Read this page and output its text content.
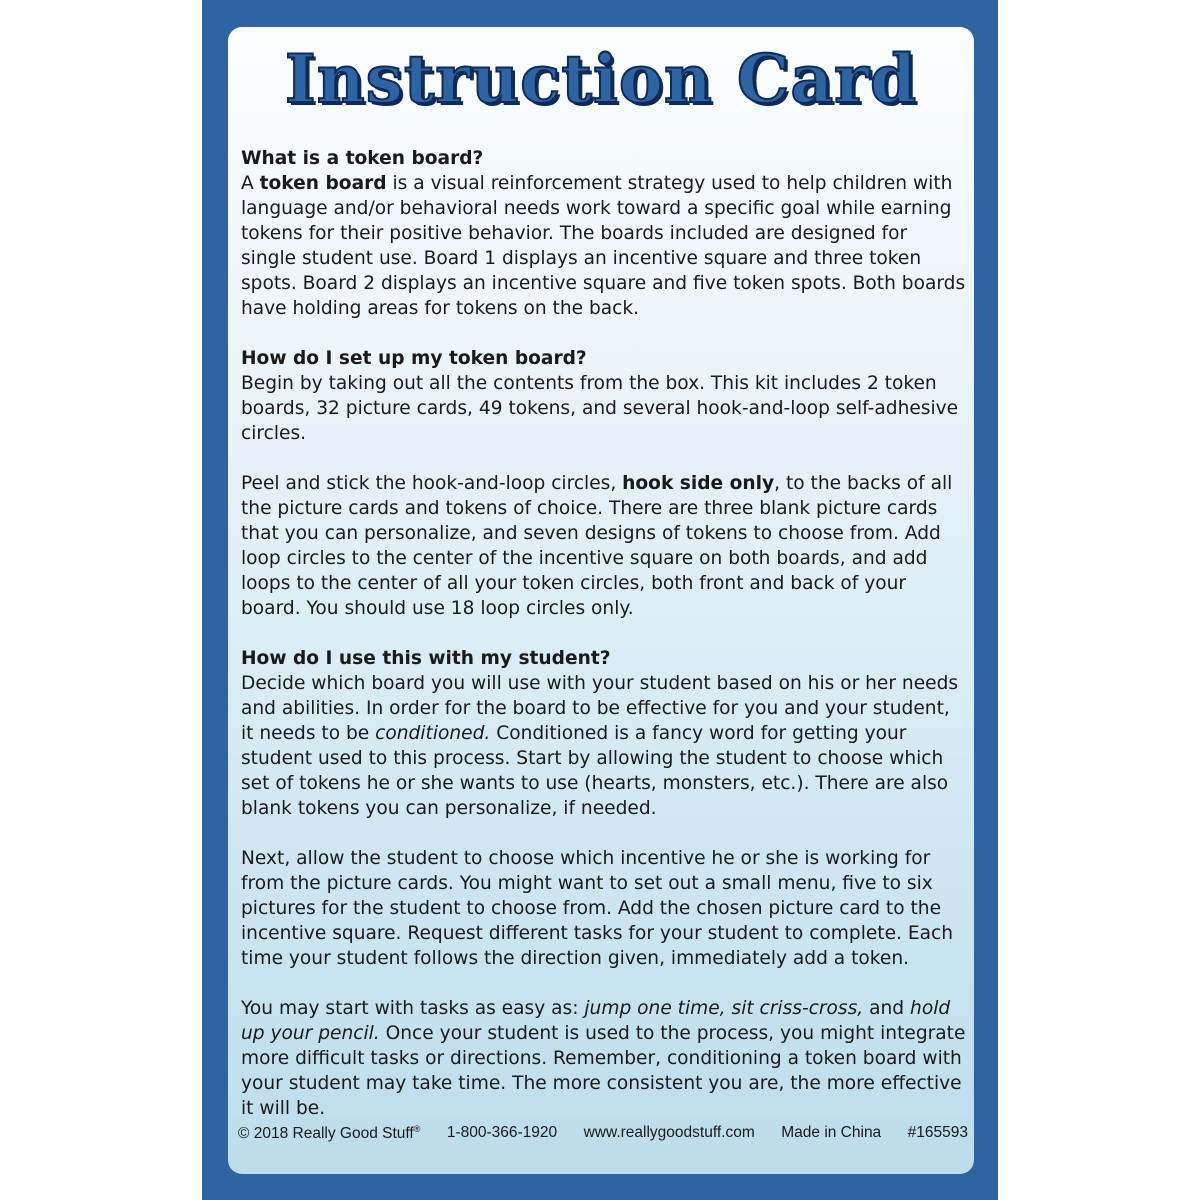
Instruction Card
What is a token board?

A token board is a visual reinforcement strategy used to help children with language and/or behavioral needs work toward a specific goal while earning tokens for their positive behavior. The boards included are designed for single student use. Board 1 displays an incentive square and three token spots. Board 2 displays an incentive square and five token spots. Both boards have holding areas for tokens on the back.

How do I set up my token board?

Begin by taking out all the contents from the box. This kit includes 2 token boards, 32 picture cards, 49 tokens, and several hook-and-loop self-adhesive circles.

Peel and stick the hook-and-loop circles, hook side only, to the backs of all the picture cards and tokens of choice. There are three blank picture cards that you can personalize, and seven designs of tokens to choose from. Add loop circles to the center of the incentive square on both boards, and add loops to the center of all your token circles, both front and back of your board. You should use 18 loop circles only.

How do I use this with my student?

Decide which board you will use with your student based on his or her needs and abilities. In order for the board to be effective for you and your student, it needs to be conditioned. Conditioned is a fancy word for getting your student used to this process. Start by allowing the student to choose which set of tokens he or she wants to use (hearts, monsters, etc.). There are also blank tokens you can personalize, if needed.

Next, allow the student to choose which incentive he or she is working for from the picture cards. You might want to set out a small menu, five to six pictures for the student to choose from. Add the chosen picture card to the incentive square. Request different tasks for your student to complete. Each time your student follows the direction given, immediately add a token.

You may start with tasks as easy as: jump one time, sit criss-cross, and hold up your pencil. Once your student is used to the process, you might integrate more difficult tasks or directions. Remember, conditioning a token board with your student may take time. The more consistent you are, the more effective it will be.

© 2018 Really Good Stuff® 1-800-366-1920 www.reallygoodstuff.com Made in China #165593
